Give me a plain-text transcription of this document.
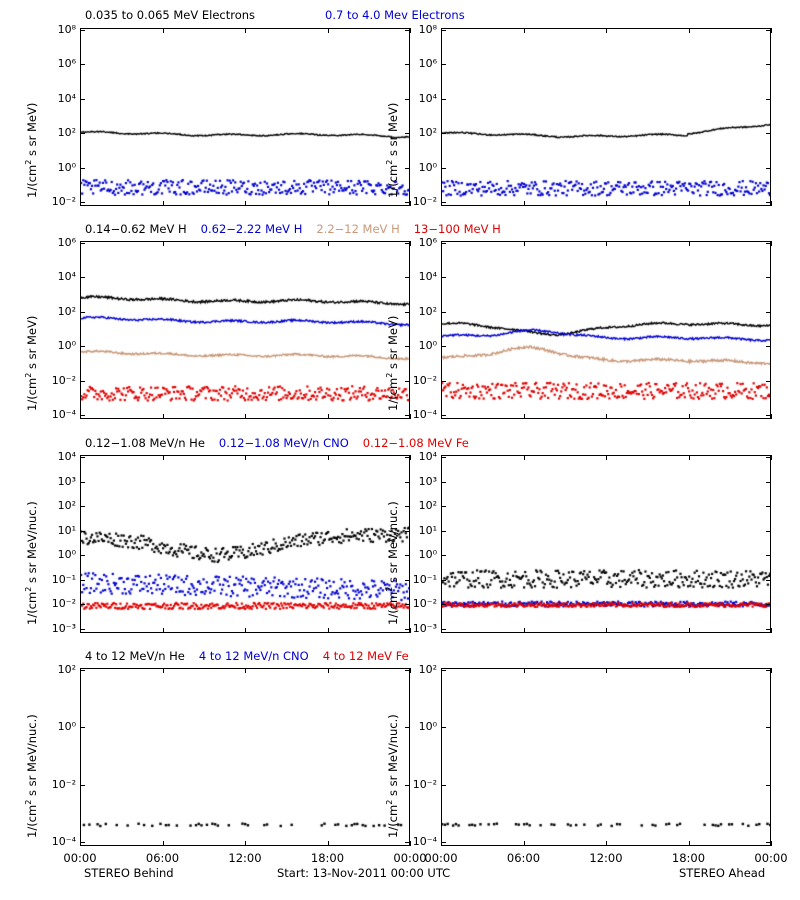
10⁸
10⁶
10⁴
10²
10⁰
10⁻²
$1/(cm^2$ s sr MeV)
10⁸
10⁶
10⁴
10²
10⁰
10⁻²
$1/(cm^2$ s sr MeV)
10⁶
10⁴
10²
10⁰
10⁻²
10⁻⁴
$1/(cm^2$ s sr MeV)
10⁶
10⁴
10²
10⁰
10⁻²
10⁻⁴
$1/(cm^2$ s sr MeV)
10⁴
10³
10²
10¹
10⁰
10⁻¹
10⁻²
10⁻³
$1/(cm^2$ s sr MeV/nuc.)
10⁴
10³
10²
10¹
10⁰
10⁻¹
10⁻²
10⁻³
$1/(cm^2$ s sr MeV/nuc.)
10²
10⁰
10⁻²
10⁻⁴
$1/(cm^2$ s sr MeV/nuc.)
00:00	06:00	12:00	18:00	00:00
10²
10⁰
10⁻²
10⁻⁴
$1/(cm^2$ s sr MeV/nuc.)
00:00	06:00	12:00	18:00	00:00
0.035 to 0.065 MeV Electrons	0.7 to 4.0 Mev Electrons
0.14−0.62 MeV H 0.62−2.22 MeV H 2.2−12 MeV H 13−100 MeV H
0.12−1.08 MeV/n He 0.12−1.08 MeV/n CNO 0.12−1.08 MeV Fe
4 to 12 MeV/n He 4 to 12 MeV/n CNO 4 to 12 MeV Fe
STEREO Behind	Start: 13-Nov-2011 00:00 UTC	STEREO Ahead
